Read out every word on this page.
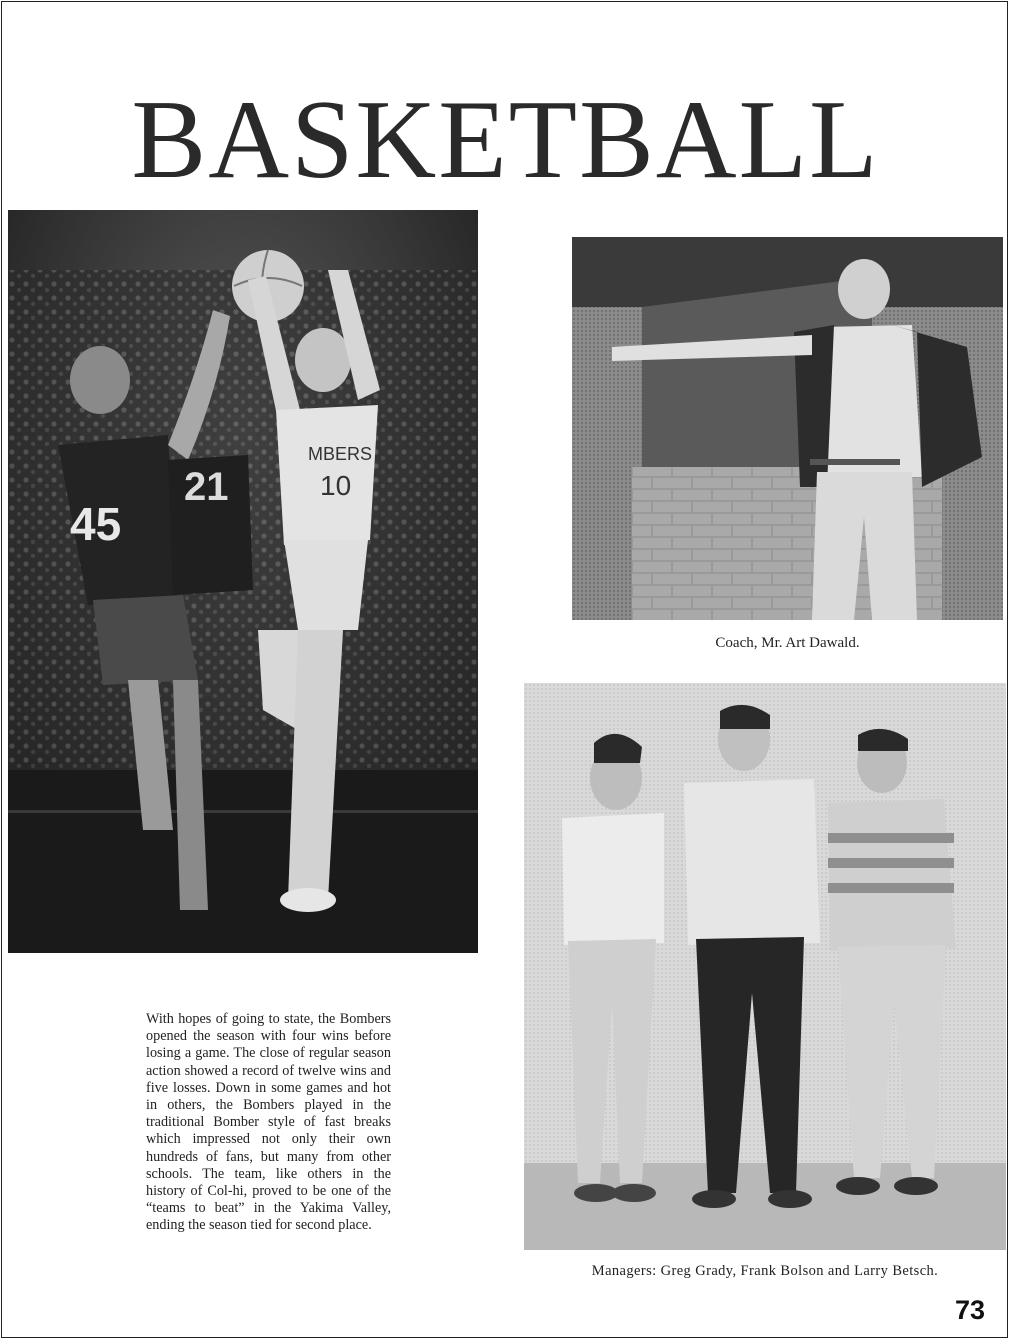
BASKETBALL
45
21
MBERS
10
Coach, Mr. Art Dawald.
Managers: Greg Grady, Frank Bolson and Larry Betsch.
With hopes of going to state, the Bombers opened the season with four wins before losing a game. The close of regular season action showed a record of twelve wins and five losses. Down in some games and hot in others, the Bombers played in the traditional Bomber style of fast breaks which impressed not only their own hundreds of fans, but many from other schools. The team, like others in the history of Col-hi, proved to be one of the “teams to beat” in the Yakima Valley, ending the season tied for second place.
73
